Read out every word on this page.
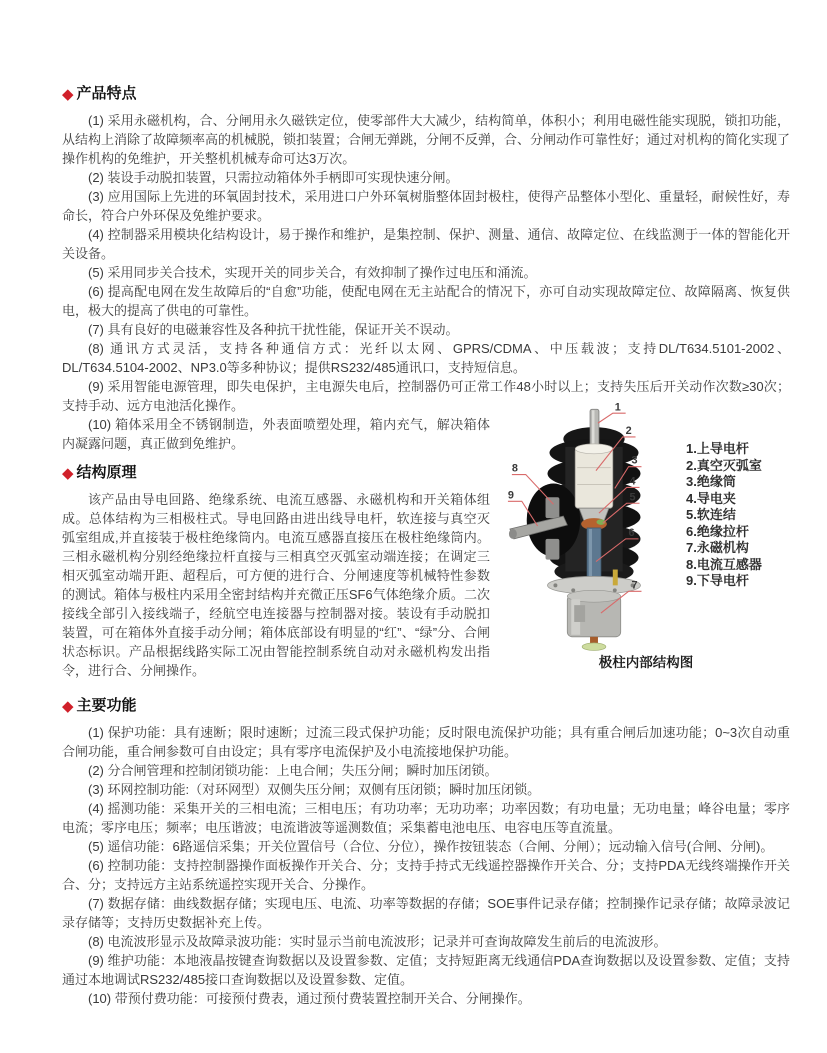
◆ 产品特点

(1) 采用永磁机构，合、分闸用永久磁铁定位，使零部件大大减少，结构简单，体积小；利用电磁性能实现脱，锁扣功能，从结构上消除了故障频率高的机械脱，锁扣装置；合闸无弹跳，分闸不反弹，合、分闸动作可靠性好；通过对机构的简化实现了操作机构的免维护，开关整机机械寿命可达3万次。

(2) 装设手动脱扣装置，只需拉动箱体外手柄即可实现快速分闸。

(3) 应用国际上先进的环氧固封技术，采用进口户外环氧树脂整体固封极柱，使得产品整体小型化、重量轻，耐候性好，寿命长，符合户外环保及免维护要求。

(4) 控制器采用模块化结构设计，易于操作和维护，是集控制、保护、测量、通信、故障定位、在线监测于一体的智能化开关设备。

(5) 采用同步关合技术，实现开关的同步关合，有效抑制了操作过电压和涌流。

(6) 提高配电网在发生故障后的“自愈”功能，使配电网在无主站配合的情况下，亦可自动实现故障定位、故障隔离、恢复供电，极大的提高了供电的可靠性。

(7) 具有良好的电磁兼容性及各种抗干扰性能，保证开关不误动。

(8) 通讯方式灵活，支持各种通信方式：光纤以太网、GPRS/CDMA、中压载波；支持DL/T634.5101-2002、DL/T634.5104-2002、NP3.0等多种协议；提供RS232/485通讯口，支持短信息。

(9) 采用智能电源管理，即失电保护，主电源失电后，控制器仍可正常工作48小时以上；支持失压后开关动作次数≥30次；支持手动、远方电池活化操作。	1
2
3
4
5
6
7
8
9
1.上导电杆
2.真空灭弧室
3.绝缘筒
4.导电夹
5.软连结
6.绝缘拉杆
7.永磁机构
8.电流互感器
9.下导电杆
极柱内部结构图

(10) 箱体采用全不锈钢制造，外表面喷塑处理，箱内充气，解决箱体内凝露问题，真正做到免维护。

◆ 结构原理

该产品由导电回路、绝缘系统、电流互感器、永磁机构和开关箱体组成。总体结构为三相极柱式。导电回路由进出线导电杆，软连接与真空灭弧室组成,并直接装于极柱绝缘筒内。电流互感器直接压在极柱绝缘筒内。三相永磁机构分别经绝缘拉杆直接与三相真空灭弧室动端连接；在调定三相灭弧室动端开距、超程后，可方便的进行合、分闸速度等机械特性参数的测试。箱体与极柱内采用全密封结构并充微正压SF6气体绝缘介质。二次接线全部引入接线端子，经航空电连接器与控制器对接。装设有手动脱扣装置，可在箱体外直接手动分闸；箱体底部设有明显的“红”、“绿”分、合闸状态标识。产品根据线路实际工况由智能控制系统自动对永磁机构发出指令，进行合、分闸操作。

◆ 主要功能

(1) 保护功能：具有速断；限时速断；过流三段式保护功能；反时限电流保护功能；具有重合闸后加速功能；0~3次自动重合闸功能，重合闸参数可自由设定；具有零序电流保护及小电流接地保护功能。

(2) 分合闸管理和控制闭锁功能：上电合闸；失压分闸；瞬时加压闭锁。

(3) 环网控制功能:（对环网型）双侧失压分闸；双侧有压闭锁；瞬时加压闭锁。

(4) 摇测功能：采集开关的三相电流；三相电压；有功功率；无功功率；功率因数；有功电量；无功电量；峰谷电量；零序电流；零序电压；频率；电压谐波；电流谐波等遥测数值；采集蓄电池电压、电容电压等直流量。

(5) 遥信功能：6路遥信采集；开关位置信号（合位、分位），操作按钮装态（合闸、分闸）；远动输入信号(合闸、分闸)。

(6) 控制功能：支持控制器操作面板操作开关合、分；支持手持式无线遥控器操作开关合、分；支持PDA无线终端操作开关合、分；支持远方主站系统遥控实现开关合、分操作。

(7) 数据存储：曲线数据存储；实现电压、电流、功率等数据的存储；SOE事件记录存储；控制操作记录存储；故障录波记录存储等；支持历史数据补充上传。

(8) 电流波形显示及故障录波功能：实时显示当前电流波形；记录并可查询故障发生前后的电流波形。

(9) 维护功能：本地液晶按键查询数据以及设置参数、定值；支持短距离无线通信PDA查询数据以及设置参数、定值；支持通过本地调试RS232/485接口查询数据以及设置参数、定值。

(10) 带预付费功能：可接预付费表，通过预付费装置控制开关合、分闸操作。
